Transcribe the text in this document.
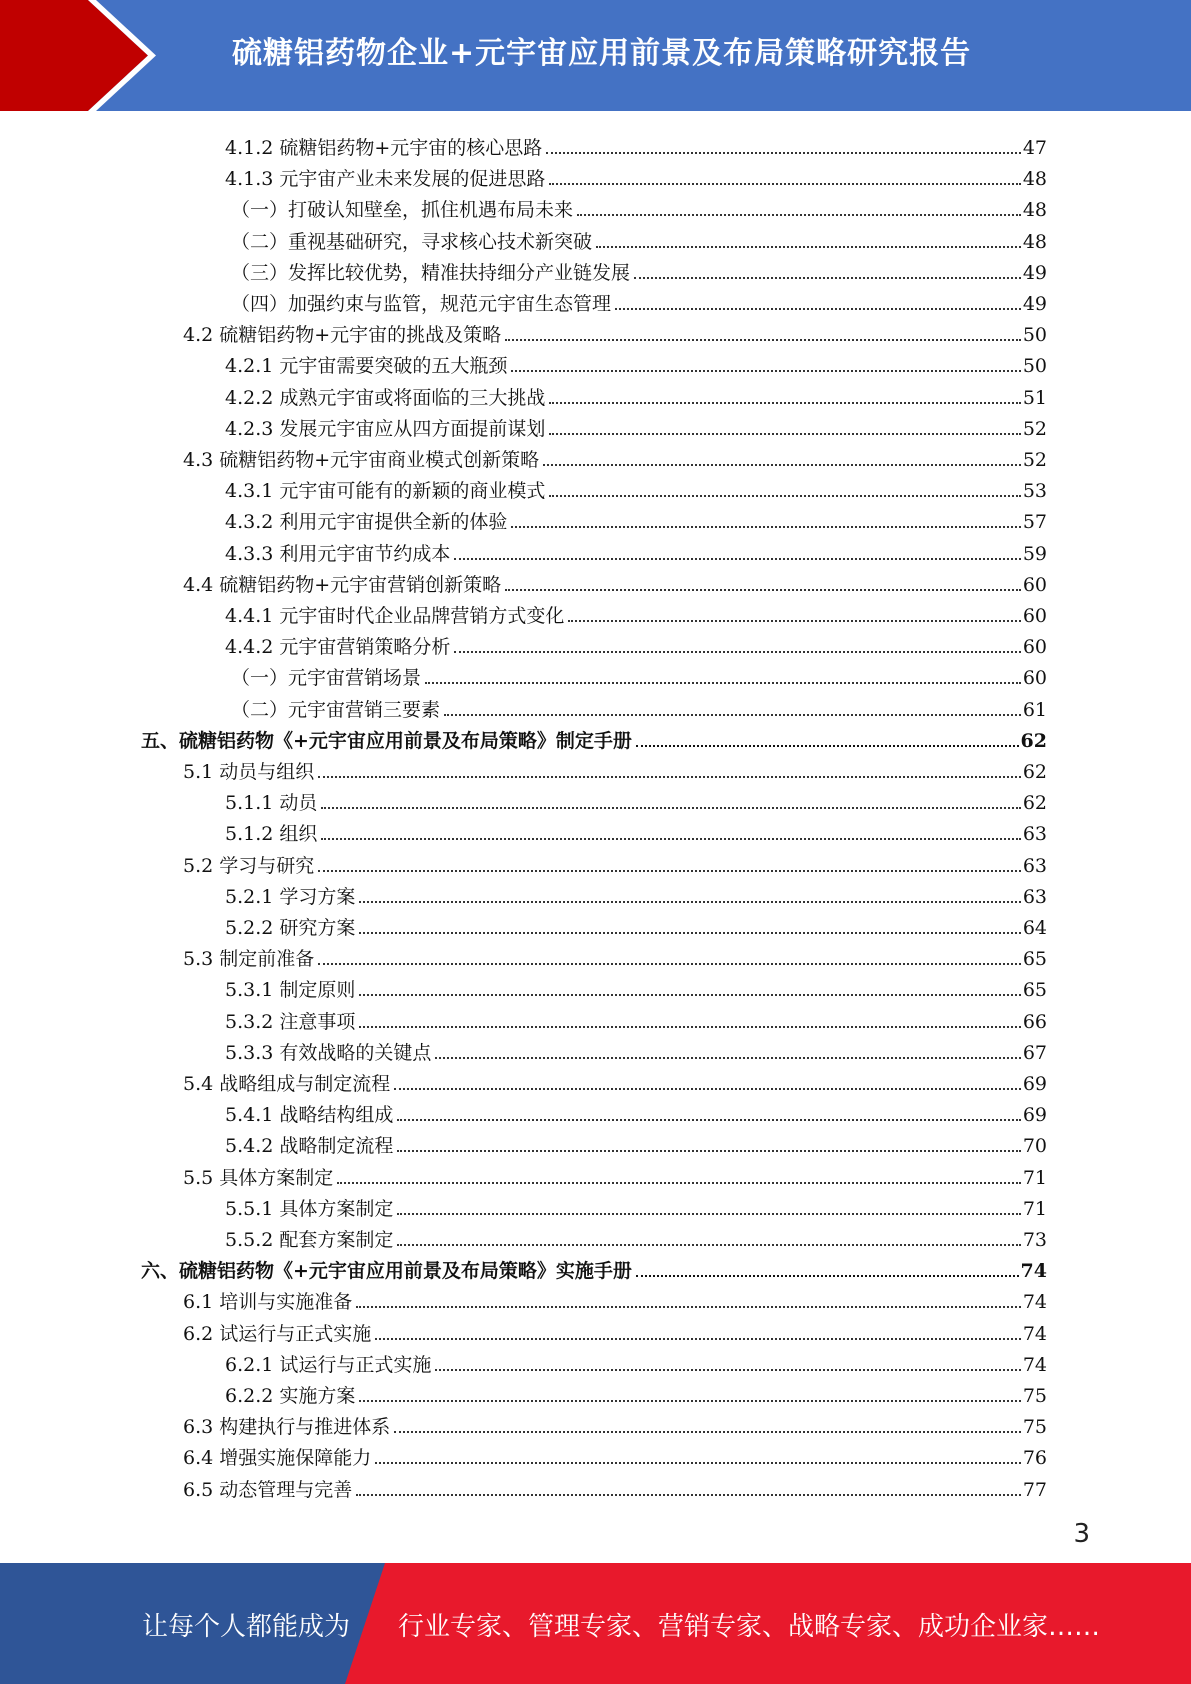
硫糖铝药物企业+元宇宙应用前景及布局策略研究报告
4.1.2 硫糖铝药物+元宇宙的核心思路	47
4.1.3 元宇宙产业未来发展的促进思路	48
（一）打破认知壁垒，抓住机遇布局未来	48
（二）重视基础研究，寻求核心技术新突破	48
（三）发挥比较优势，精准扶持细分产业链发展	49
（四）加强约束与监管，规范元宇宙生态管理	49
4.2 硫糖铝药物+元宇宙的挑战及策略	50
4.2.1 元宇宙需要突破的五大瓶颈	50
4.2.2 成熟元宇宙或将面临的三大挑战	51
4.2.3 发展元宇宙应从四方面提前谋划	52
4.3 硫糖铝药物+元宇宙商业模式创新策略	52
4.3.1 元宇宙可能有的新颖的商业模式	53
4.3.2 利用元宇宙提供全新的体验	57
4.3.3 利用元宇宙节约成本	59
4.4 硫糖铝药物+元宇宙营销创新策略	60
4.4.1 元宇宙时代企业品牌营销方式变化	60
4.4.2 元宇宙营销策略分析	60
（一）元宇宙营销场景	60
（二）元宇宙营销三要素	61
五、硫糖铝药物《+元宇宙应用前景及布局策略》制定手册	62
5.1 动员与组织	62
5.1.1 动员	62
5.1.2 组织	63
5.2 学习与研究	63
5.2.1 学习方案	63
5.2.2 研究方案	64
5.3 制定前准备	65
5.3.1 制定原则	65
5.3.2 注意事项	66
5.3.3 有效战略的关键点	67
5.4 战略组成与制定流程	69
5.4.1 战略结构组成	69
5.4.2 战略制定流程	70
5.5 具体方案制定	71
5.5.1 具体方案制定	71
5.5.2 配套方案制定	73
六、硫糖铝药物《+元宇宙应用前景及布局策略》实施手册	74
6.1 培训与实施准备	74
6.2 试运行与正式实施	74
6.2.1 试运行与正式实施	74
6.2.2 实施方案	75
6.3 构建执行与推进体系	75
6.4 增强实施保障能力	76
6.5 动态管理与完善	77
3
让每个人都能成为 行业专家、管理专家、营销专家、战略专家、成功企业家……
